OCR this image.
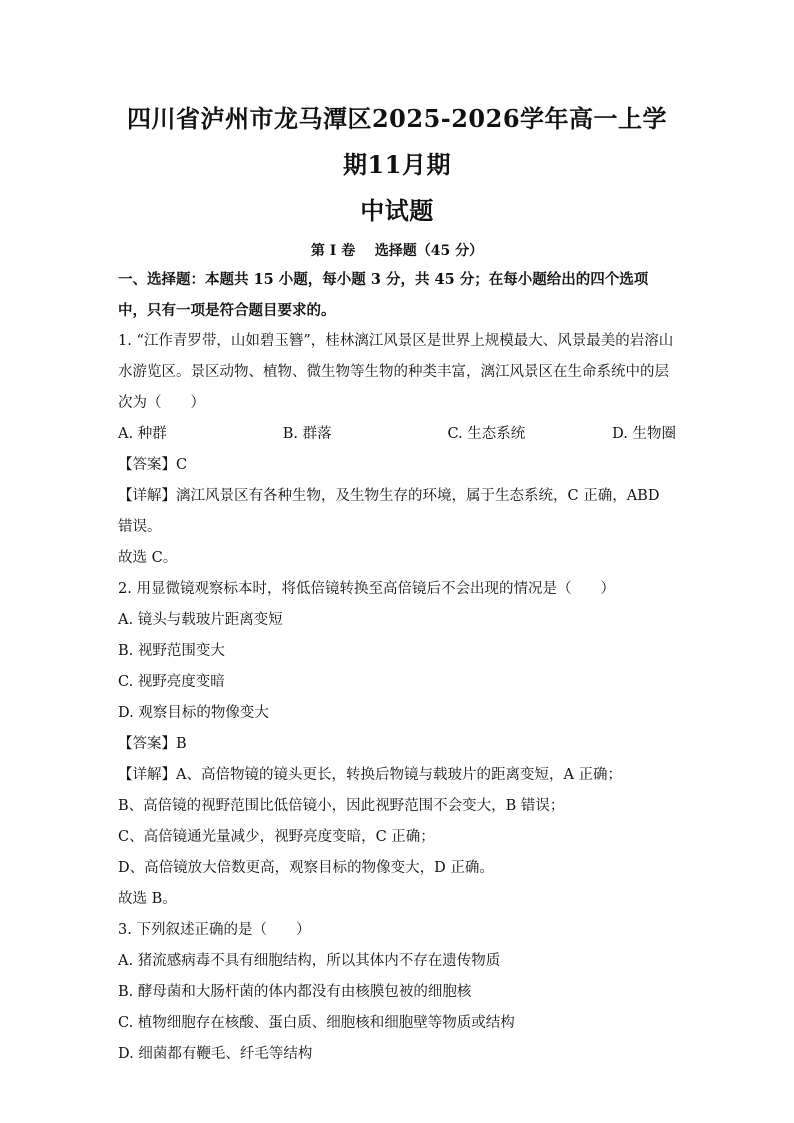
四川省泸州市龙马潭区2025-2026学年高一上学期11月期
中试题
第 I 卷    选择题（45 分）
一、选择题：本题共 15 小题，每小题 3 分，共 45 分；在每小题给出的四个选项中，只有一项是符合题目要求的。

1. “江作青罗带，山如碧玉簪”，桂林漓江风景区是世界上规模最大、风景最美的岩溶山水游览区。景区动物、植物、微生物等生物的种类丰富，漓江风景区在生命系统中的层次为（　　）

A. 种群	B. 群落	C. 生态系统	D. 生物圈

【答案】C

【详解】漓江风景区有各种生物，及生物生存的环境，属于生态系统，C 正确，ABD 错误。

故选 C。

2. 用显微镜观察标本时，将低倍镜转换至高倍镜后不会出现的情况是（　　）

A. 镜头与载玻片距离变短
B. 视野范围变大
C. 视野亮度变暗
D. 观察目标的物像变大

【答案】B

【详解】A、高倍物镜的镜头更长，转换后物镜与载玻片的距离变短，A 正确；

B、高倍镜的视野范围比低倍镜小，因此视野范围不会变大，B 错误；

C、高倍镜通光量减少，视野亮度变暗，C 正确；

D、高倍镜放大倍数更高，观察目标的物像变大，D 正确。

故选 B。

3. 下列叙述正确的是（　　）

A. 猪流感病毒不具有细胞结构，所以其体内不存在遗传物质
B. 酵母菌和大肠杆菌的体内都没有由核膜包被的细胞核
C. 植物细胞存在核酸、蛋白质、细胞核和细胞壁等物质或结构
D. 细菌都有鞭毛、纤毛等结构
